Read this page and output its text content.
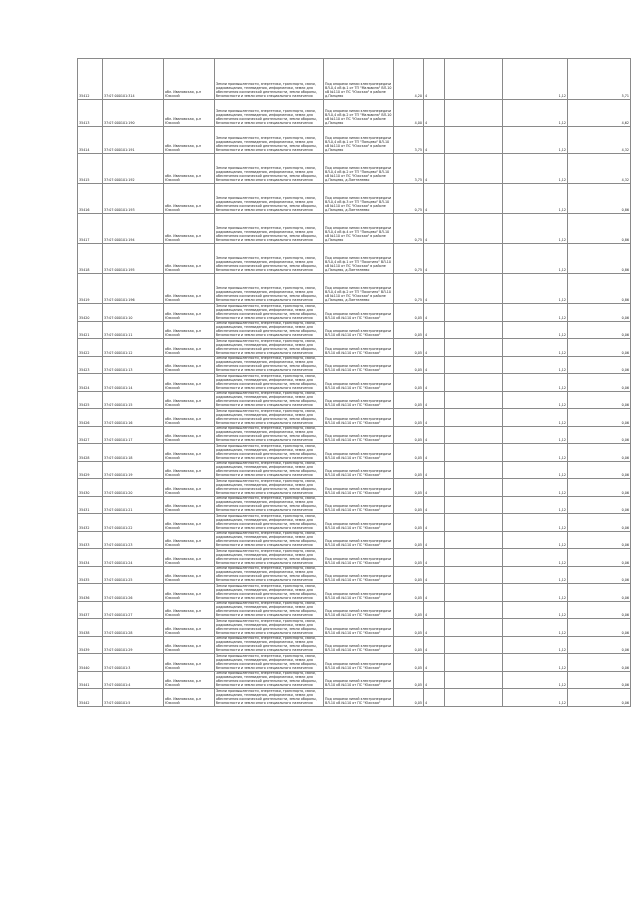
35412	37:07:000101:314	обл. Ивановская, р-н Южский	Земли промышленности, энергетики, транспорта, связи, радиовещания, телевидения, информатики, земли для обеспечения космической деятельности, земли обороны, безопасности и земли иного специального назначения	Под опорами линии электропередачи ВЛ-0,4 кВ ф.1 от ТП "Мальвина" ВЛ-10 кВ №110 от ПС "Южская" в районе д.Панцево	4,20	4		1,12	5,71
35413	37:07:000101:190	обл. Ивановская, р-н Южский	Земли промышленности, энергетики, транспорта, связи, радиовещания, телевидения, информатики, земли для обеспечения космической деятельности, земли обороны, безопасности и земли иного специального назначения	Под опорами линии электропередачи ВЛ-0,4 кВ ф.2 от ТП "Мальвина" ВЛ-10 кВ №110 от ПС "Южская" в районе д.Панцево	4,00	4		1,12	4,62
35414	37:07:000101:191	обл. Ивановская, р-н Южский	Земли промышленности, энергетики, транспорта, связи, радиовещания, телевидения, информатики, земли для обеспечения космической деятельности, земли обороны, безопасности и земли иного специального назначения	Под опорами линии электропередачи ВЛ-0,4 кВ ф.1 от ТП "Панцево" ВЛ-10 кВ №110 от ПС "Южская" в районе д.Панцево	3,75	4		1,12	4,32
35415	37:07:000101:192	обл. Ивановская, р-н Южский	Земли промышленности, энергетики, транспорта, связи, радиовещания, телевидения, информатики, земли для обеспечения космической деятельности, земли обороны, безопасности и земли иного специального назначения	Под опорами линии электропередачи ВЛ-0,4 кВ ф.2 от ТП "Панцево" ВЛ-10 кВ №110 от ПС "Южская" в районе д.Панцево, д.Пантелеево	3,75	4		1,12	4,32
35416	37:07:000101:193	обл. Ивановская, р-н Южский	Земли промышленности, энергетики, транспорта, связи, радиовещания, телевидения, информатики, земли для обеспечения космической деятельности, земли обороны, безопасности и земли иного специального назначения	Под опорами линии электропередачи ВЛ-0,4 кВ ф.3 от ТП "Панцево" ВЛ-10 кВ №110 от ПС "Южская" в районе д.Панцево, д.Пантелеево	0,75	4		1,12	0,86
35417	37:07:000101:194	обл. Ивановская, р-н Южский	Земли промышленности, энергетики, транспорта, связи, радиовещания, телевидения, информатики, земли для обеспечения космической деятельности, земли обороны, безопасности и земли иного специального назначения	Под опорами линии электропередачи ВЛ-0,4 кВ ф.4 от ТП "Панцево" ВЛ-10 кВ №110 от ПС "Южская" в районе д.Панцево	0,75	4		1,12	0,86
35418	37:07:000101:195	обл. Ивановская, р-н Южский	Земли промышленности, энергетики, транспорта, связи, радиовещания, телевидения, информатики, земли для обеспечения космической деятельности, земли обороны, безопасности и земли иного специального назначения	Под опорами линии электропередачи ВЛ-0,4 кВ ф.1 от ТП "Пахотино" ВЛ-10 кВ №110 от ПС "Южская" в районе д.Панцево, д.Пантелеево	0,75	4		1,12	0,86
35419	37:07:000101:196	обл. Ивановская, р-н Южский	Земли промышленности, энергетики, транспорта, связи, радиовещания, телевидения, информатики, земли для обеспечения космической деятельности, земли обороны, безопасности и земли иного специального назначения	Под опорами линии электропередачи ВЛ-0,4 кВ ф.2 от ТП "Пахотино" ВЛ-10 кВ №110 от ПС "Южская" в районе д.Панцево, д.Пантелеево	0,75	4		1,12	0,86
35420	37:07:000101:10	обл. Ивановская, р-н Южский	Земли промышленности, энергетики, транспорта, связи, радиовещания, телевидения, информатики, земли для обеспечения космической деятельности, земли обороны, безопасности и земли иного специального назначения	Под опорами линий электропередачи ВЛ-10 кВ №110 от ПС "Южская"	0,05	4		1,12	0,06
35421	37:07:000101:11	обл. Ивановская, р-н Южский	Земли промышленности, энергетики, транспорта, связи, радиовещания, телевидения, информатики, земли для обеспечения космической деятельности, земли обороны, безопасности и земли иного специального назначения	Под опорами линий электропередачи ВЛ-10 кВ №110 от ПС "Южская"	0,05	4		1,12	0,06
35422	37:07:000101:12	обл. Ивановская, р-н Южский	Земли промышленности, энергетики, транспорта, связи, радиовещания, телевидения, информатики, земли для обеспечения космической деятельности, земли обороны, безопасности и земли иного специального назначения	Под опорами линий электропередачи ВЛ-10 кВ №110 от ПС "Южская"	0,05	4		1,12	0,06
35423	37:07:000101:13	обл. Ивановская, р-н Южский	Земли промышленности, энергетики, транспорта, связи, радиовещания, телевидения, информатики, земли для обеспечения космической деятельности, земли обороны, безопасности и земли иного специального назначения	Под опорами линий электропередачи ВЛ-10 кВ №110 от ПС "Южская"	0,05	4		1,12	0,06
35424	37:07:000101:14	обл. Ивановская, р-н Южский	Земли промышленности, энергетики, транспорта, связи, радиовещания, телевидения, информатики, земли для обеспечения космической деятельности, земли обороны, безопасности и земли иного специального назначения	Под опорами линий электропередачи ВЛ-10 кВ №110 от ПС "Южская"	0,05	4		1,12	0,06
35425	37:07:000101:15	обл. Ивановская, р-н Южский	Земли промышленности, энергетики, транспорта, связи, радиовещания, телевидения, информатики, земли для обеспечения космической деятельности, земли обороны, безопасности и земли иного специального назначения	Под опорами линий электропередачи ВЛ-10 кВ №110 от ПС "Южская"	0,05	4		1,12	0,06
35426	37:07:000101:16	обл. Ивановская, р-н Южский	Земли промышленности, энергетики, транспорта, связи, радиовещания, телевидения, информатики, земли для обеспечения космической деятельности, земли обороны, безопасности и земли иного специального назначения	Под опорами линий электропередачи ВЛ-10 кВ №110 от ПС "Южская"	0,05	4		1,12	0,06
35427	37:07:000101:17	обл. Ивановская, р-н Южский	Земли промышленности, энергетики, транспорта, связи, радиовещания, телевидения, информатики, земли для обеспечения космической деятельности, земли обороны, безопасности и земли иного специального назначения	Под опорами линий электропередачи ВЛ-10 кВ №110 от ПС "Южская"	0,05	4		1,12	0,06
35428	37:07:000101:18	обл. Ивановская, р-н Южский	Земли промышленности, энергетики, транспорта, связи, радиовещания, телевидения, информатики, земли для обеспечения космической деятельности, земли обороны, безопасности и земли иного специального назначения	Под опорами линий электропередачи ВЛ-10 кВ №110 от ПС "Южская"	0,05	4		1,12	0,06
35429	37:07:000101:19	обл. Ивановская, р-н Южский	Земли промышленности, энергетики, транспорта, связи, радиовещания, телевидения, информатики, земли для обеспечения космической деятельности, земли обороны, безопасности и земли иного специального назначения	Под опорами линий электропередачи ВЛ-10 кВ №110 от ПС "Южская"	0,05	4		1,12	0,06
35430	37:07:000101:20	обл. Ивановская, р-н Южский	Земли промышленности, энергетики, транспорта, связи, радиовещания, телевидения, информатики, земли для обеспечения космической деятельности, земли обороны, безопасности и земли иного специального назначения	Под опорами линий электропередачи ВЛ-10 кВ №110 от ПС "Южская"	0,05	4		1,12	0,06
35431	37:07:000101:21	обл. Ивановская, р-н Южский	Земли промышленности, энергетики, транспорта, связи, радиовещания, телевидения, информатики, земли для обеспечения космической деятельности, земли обороны, безопасности и земли иного специального назначения	Под опорами линий электропередачи ВЛ-10 кВ №110 от ПС "Южская"	0,05	4		1,12	0,06
35432	37:07:000101:22	обл. Ивановская, р-н Южский	Земли промышленности, энергетики, транспорта, связи, радиовещания, телевидения, информатики, земли для обеспечения космической деятельности, земли обороны, безопасности и земли иного специального назначения	Под опорами линий электропередачи ВЛ-10 кВ №110 от ПС "Южская"	0,05	4		1,12	0,06
35433	37:07:000101:23	обл. Ивановская, р-н Южский	Земли промышленности, энергетики, транспорта, связи, радиовещания, телевидения, информатики, земли для обеспечения космической деятельности, земли обороны, безопасности и земли иного специального назначения	Под опорами линий электропередачи ВЛ-10 кВ №110 от ПС "Южская"	0,05	4		1,12	0,06
35434	37:07:000101:24	обл. Ивановская, р-н Южский	Земли промышленности, энергетики, транспорта, связи, радиовещания, телевидения, информатики, земли для обеспечения космической деятельности, земли обороны, безопасности и земли иного специального назначения	Под опорами линий электропередачи ВЛ-10 кВ №110 от ПС "Южская"	0,05	4		1,12	0,06
35435	37:07:000101:25	обл. Ивановская, р-н Южский	Земли промышленности, энергетики, транспорта, связи, радиовещания, телевидения, информатики, земли для обеспечения космической деятельности, земли обороны, безопасности и земли иного специального назначения	Под опорами линий электропередачи ВЛ-10 кВ №110 от ПС "Южская"	0,05	4		1,12	0,06
35436	37:07:000101:26	обл. Ивановская, р-н Южский	Земли промышленности, энергетики, транспорта, связи, радиовещания, телевидения, информатики, земли для обеспечения космической деятельности, земли обороны, безопасности и земли иного специального назначения	Под опорами линий электропередачи ВЛ-10 кВ №110 от ПС "Южская"	0,05	4		1,12	0,06
35437	37:07:000101:27	обл. Ивановская, р-н Южский	Земли промышленности, энергетики, транспорта, связи, радиовещания, телевидения, информатики, земли для обеспечения космической деятельности, земли обороны, безопасности и земли иного специального назначения	Под опорами линий электропередачи ВЛ-10 кВ №110 от ПС "Южская"	0,05	4		1,12	0,06
35438	37:07:000101:28	обл. Ивановская, р-н Южский	Земли промышленности, энергетики, транспорта, связи, радиовещания, телевидения, информатики, земли для обеспечения космической деятельности, земли обороны, безопасности и земли иного специального назначения	Под опорами линий электропередачи ВЛ-10 кВ №110 от ПС "Южская"	0,05	4		1,12	0,06
35439	37:07:000101:29	обл. Ивановская, р-н Южский	Земли промышленности, энергетики, транспорта, связи, радиовещания, телевидения, информатики, земли для обеспечения космической деятельности, земли обороны, безопасности и земли иного специального назначения	Под опорами линий электропередачи ВЛ-10 кВ №110 от ПС "Южская"	0,05	4		1,12	0,06
35440	37:07:000101:3	обл. Ивановская, р-н Южский	Земли промышленности, энергетики, транспорта, связи, радиовещания, телевидения, информатики, земли для обеспечения космической деятельности, земли обороны, безопасности и земли иного специального назначения	Под опорами линий электропередачи ВЛ-10 кВ №110 от ПС "Южская"	0,05	4		1,12	0,06
35441	37:07:000101:4	обл. Ивановская, р-н Южский	Земли промышленности, энергетики, транспорта, связи, радиовещания, телевидения, информатики, земли для обеспечения космической деятельности, земли обороны, безопасности и земли иного специального назначения	Под опорами линий электропередачи ВЛ-10 кВ №110 от ПС "Южская"	0,05	4		1,12	0,06
35442	37:07:000101:5	обл. Ивановская, р-н Южский	Земли промышленности, энергетики, транспорта, связи, радиовещания, телевидения, информатики, земли для обеспечения космической деятельности, земли обороны, безопасности и земли иного специального назначения	Под опорами линий электропередачи ВЛ-10 кВ №110 от ПС "Южская"	0,05	4		1,12	0,06
